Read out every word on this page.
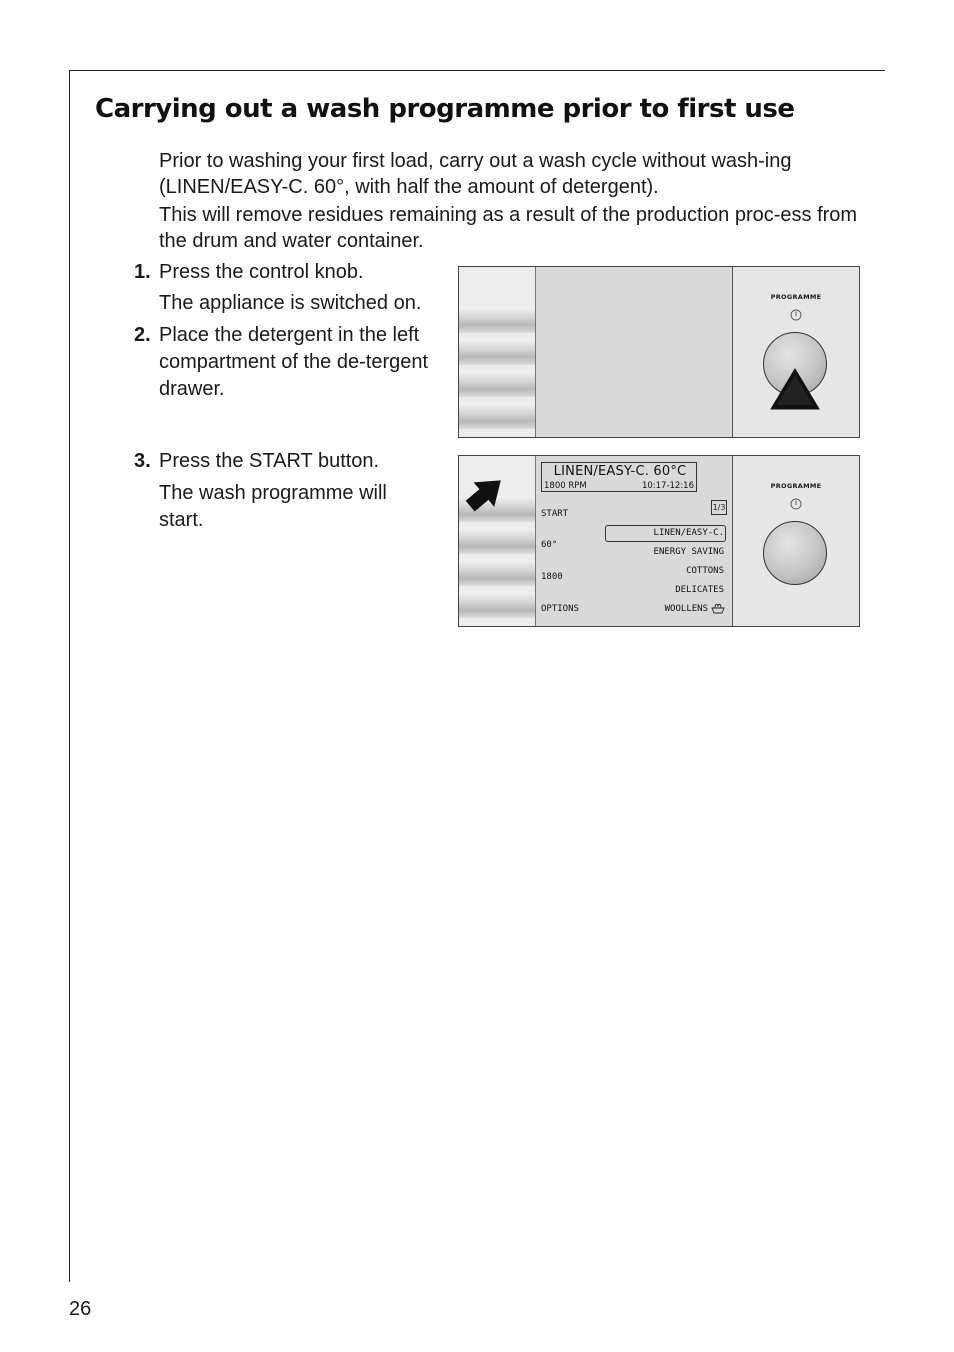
Carrying out a wash programme prior to first use

Prior to washing your first load, carry out a wash cycle without wash-ing (LINEN/EASY-C. 60°, with half the amount of detergent).

This will remove residues remaining as a result of the production proc-ess from the drum and water container.

1. Press the control knob.
The appliance is switched on.
2. Place the detergent in the left compartment of the de-tergent drawer.
3. Press the START button.
The wash programme will start.
PROGRAMME
LINEN/EASY-C. 60°C
1800 RPM	10:17-12:16
1/3
START
60°
1800
OPTIONS
LINEN/EASY-C.
ENERGY SAVING
COTTONS
DELICATES
WOOLLENS
PROGRAMME
26
